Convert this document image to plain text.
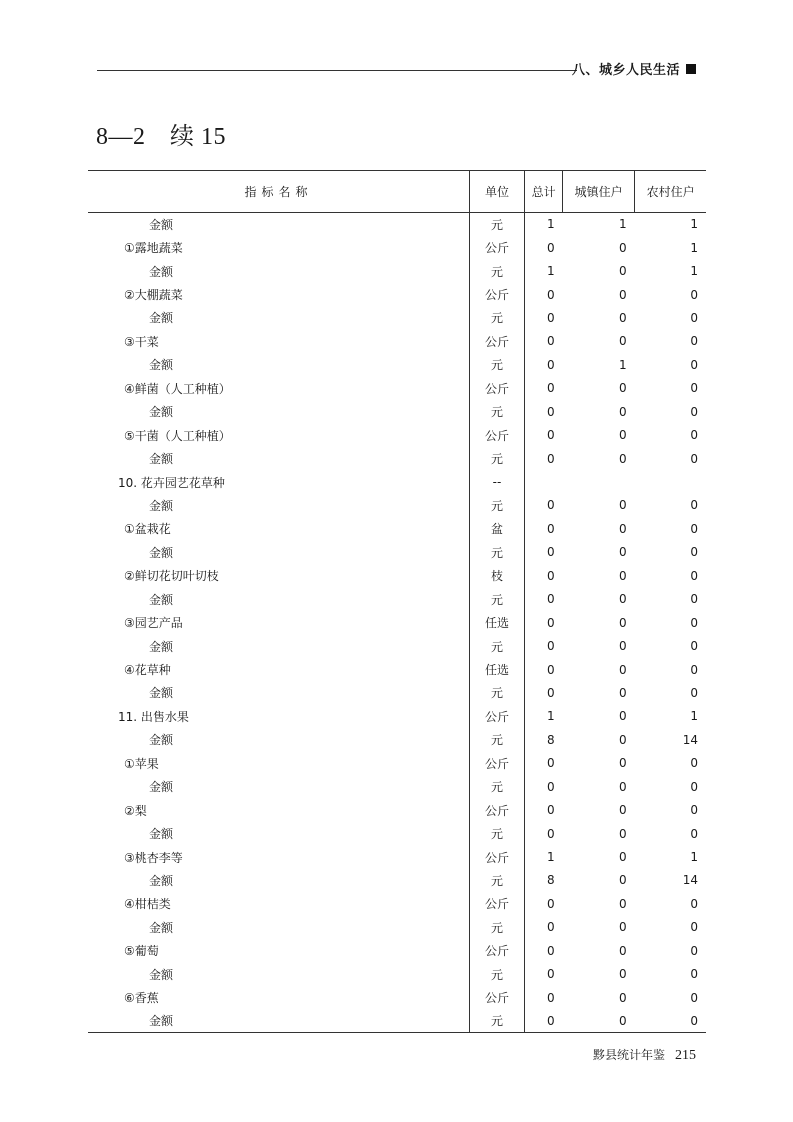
八、城乡人民生活
8—2　续 15
指标名称	单位	总计	城镇住户	农村住户
金额	元	1	1	1
①露地蔬菜	公斤	0	0	1
金额	元	1	0	1
②大棚蔬菜	公斤	0	0	0
金额	元	0	0	0
③干菜	公斤	0	0	0
金额	元	0	1	0
④鲜菌（人工种植）	公斤	0	0	0
金额	元	0	0	0
⑤干菌（人工种植）	公斤	0	0	0
金额	元	0	0	0
10. 花卉园艺花草种	--			
金额	元	0	0	0
①盆栽花	盆	0	0	0
金额	元	0	0	0
②鲜切花切叶切枝	枝	0	0	0
金额	元	0	0	0
③园艺产品	任选	0	0	0
金额	元	0	0	0
④花草种	任选	0	0	0
金额	元	0	0	0
11. 出售水果	公斤	1	0	1
金额	元	8	0	14
①苹果	公斤	0	0	0
金额	元	0	0	0
②梨	公斤	0	0	0
金额	元	0	0	0
③桃杏李等	公斤	1	0	1
金额	元	8	0	14
④柑桔类	公斤	0	0	0
金额	元	0	0	0
⑤葡萄	公斤	0	0	0
金额	元	0	0	0
⑥香蕉	公斤	0	0	0
金额	元	0	0	0
黟县统计年鉴 215
